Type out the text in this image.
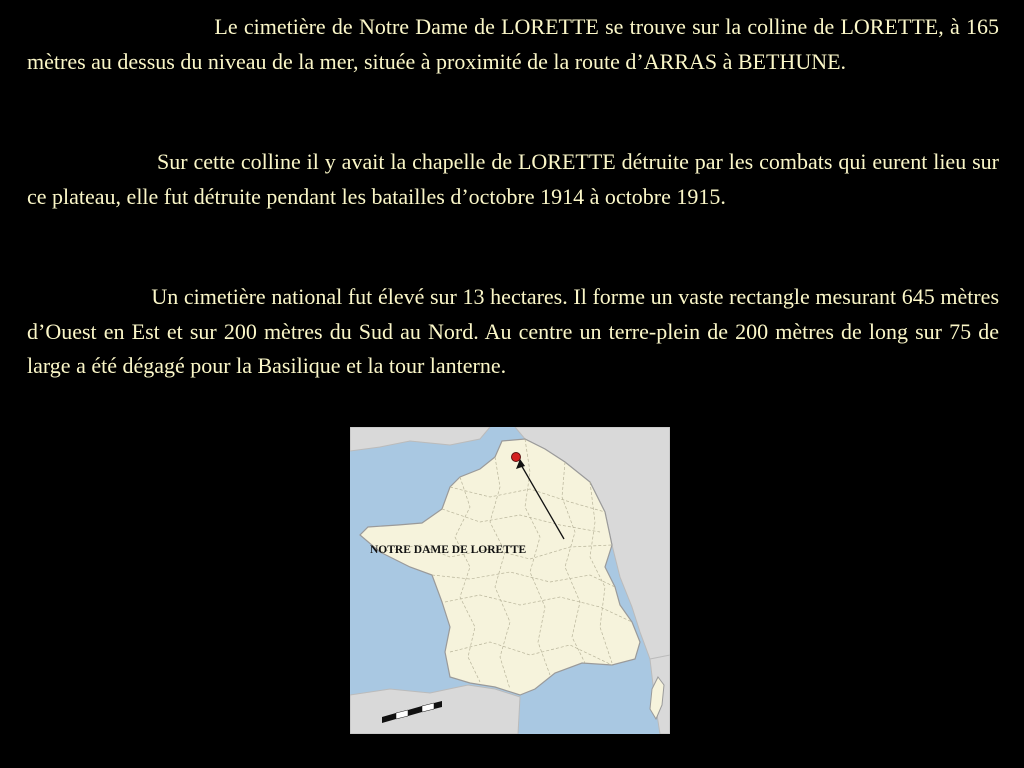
Le cimetière de Notre Dame de LORETTE se trouve sur la colline de LORETTE, à 165 mètres au dessus du niveau de la mer, située à proximité de la route d’ARRAS à BETHUNE.

Sur cette colline il y avait la chapelle de LORETTE détruite par les combats qui eurent lieu sur ce plateau, elle fut détruite pendant les batailles d’octobre 1914 à octobre 1915.

Un cimetière national fut élevé sur 13 hectares. Il forme un vaste rectangle mesurant 645 mètres d’Ouest en Est et sur 200 mètres du Sud au Nord. Au centre un terre-plein de 200 mètres de long sur 75 de large a été dégagé pour la Basilique et la tour lanterne.

NOTRE DAME DE LORETTE
